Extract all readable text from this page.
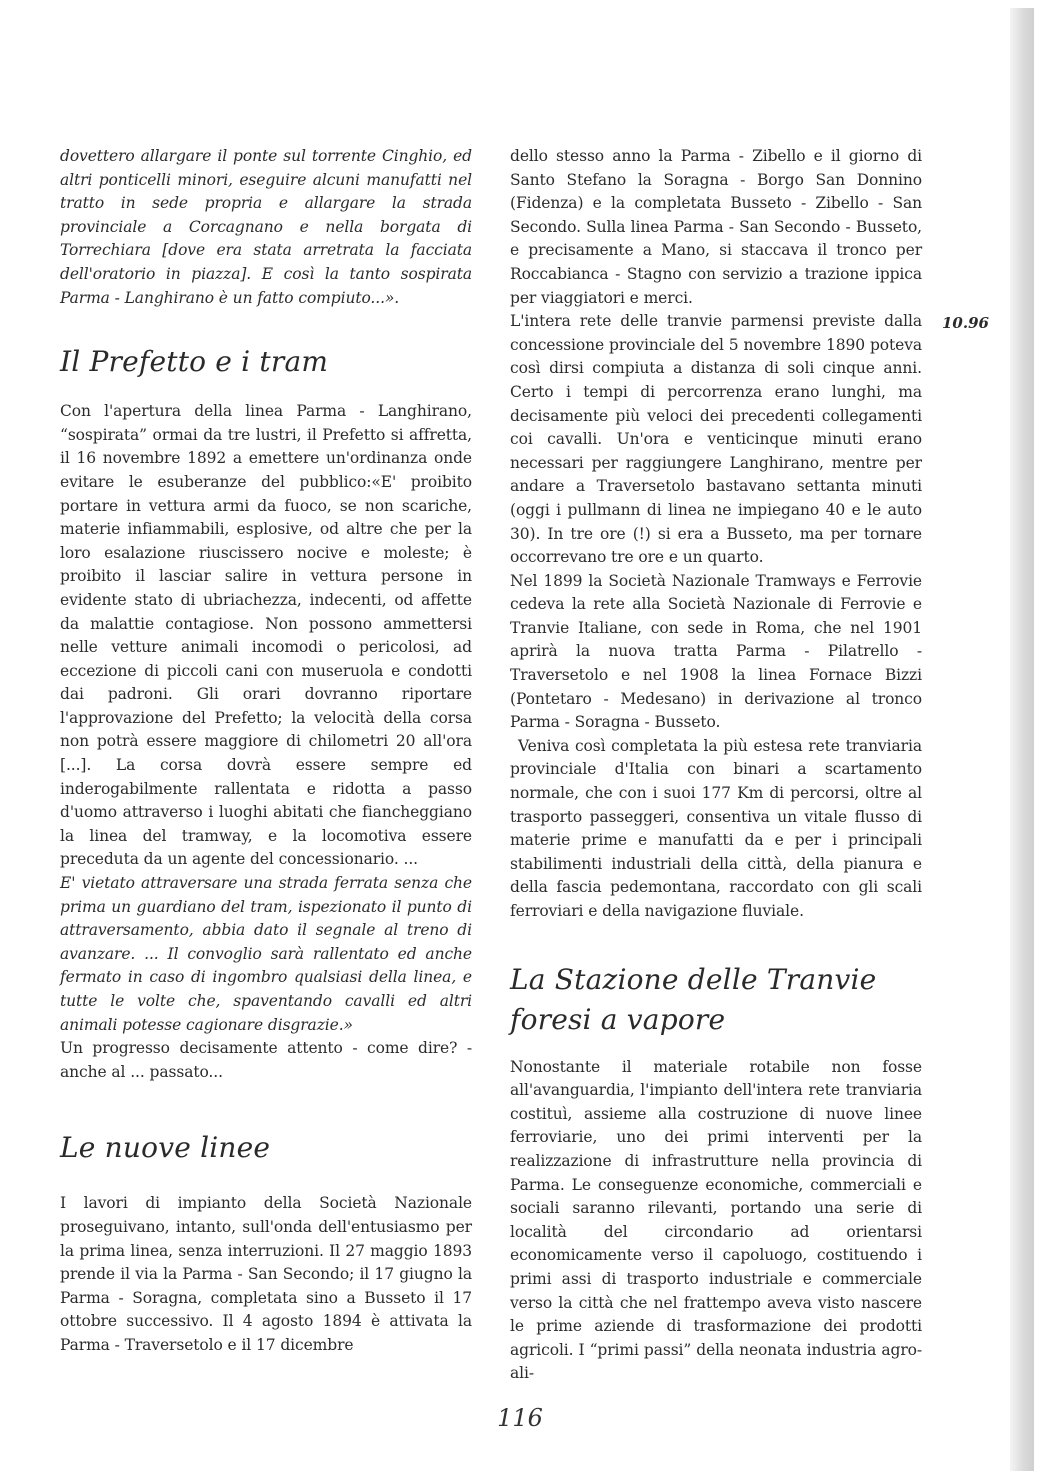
dovettero allargare il ponte sul torrente Cinghio, ed altri ponticelli minori, eseguire alcuni manufatti nel tratto in sede propria e allargare la strada provinciale a Corcagnano e nella borgata di Torrechiara [dove era stata arretrata la facciata dell'oratorio in piazza]. E così la tanto sospirata Parma - Langhirano è un fatto compiuto...».

Il Prefetto e i tram

Con l'apertura della linea Parma - Langhirano, “sospirata” ormai da tre lustri, il Prefetto si affretta, il 16 novembre 1892 a emettere un'ordinanza onde evitare le esuberanze del pubblico:«E' proibito portare in vettura armi da fuoco, se non scariche, materie infiammabili, esplosive, od altre che per la loro esalazione riuscissero nocive e moleste; è proibito il lasciar salire in vettura persone in evidente stato di ubriachezza, indecenti, od affette da malattie contagiose. Non possono ammettersi nelle vetture animali incomodi o pericolosi, ad eccezione di piccoli cani con museruola e condotti dai padroni. Gli orari dovranno riportare l'approvazione del Prefetto; la velocità della corsa non potrà essere maggiore di chilometri 20 all'ora [...]. La corsa dovrà essere sempre ed inderogabilmente rallentata e ridotta a passo d'uomo attraverso i luoghi abitati che fiancheggiano la linea del tramway, e la locomotiva essere preceduta da un agente del concessionario. ...

E' vietato attraversare una strada ferrata senza che prima un guardiano del tram, ispezionato il punto di attraversamento, abbia dato il segnale al treno di avanzare. ... Il convoglio sarà rallentato ed anche fermato in caso di ingombro qualsiasi della linea, e tutte le volte che, spaventando cavalli ed altri animali potesse cagionare disgrazie.»

Un progresso decisamente attento - come dire? - anche al ... passato...

Le nuove linee

I lavori di impianto della Società Nazionale proseguivano, intanto, sull'onda dell'entusiasmo per la prima linea, senza interruzioni. Il 27 maggio 1893 prende il via la Parma - San Secondo; il 17 giugno la Parma - Soragna, completata sino a Busseto il 17 ottobre successivo. Il 4 agosto 1894 è attivata la Parma - Traversetolo e il 17 dicembre

dello stesso anno la Parma - Zibello e il giorno di Santo Stefano la Soragna - Borgo San Donnino (Fidenza) e la completata Busseto - Zibello - San Secondo. Sulla linea Parma - San Secondo - Busseto, e precisamente a Mano, si staccava il tronco per Roccabianca - Stagno con servizio a trazione ippica per viaggiatori e merci.

L'intera rete delle tranvie parmensi previste dalla concessione provinciale del 5 novembre 1890 poteva così dirsi compiuta a distanza di soli cinque anni. Certo i tempi di percorrenza erano lunghi, ma decisamente più veloci dei precedenti collegamenti coi cavalli. Un'ora e venticinque minuti erano necessari per raggiungere Langhirano, mentre per andare a Traversetolo bastavano settanta minuti (oggi i pullmann di linea ne impiegano 40 e le auto 30). In tre ore (!) si era a Busseto, ma per tornare occorrevano tre ore e un quarto.

Nel 1899 la Società Nazionale Tramways e Ferrovie cedeva la rete alla Società Nazionale di Ferrovie e Tranvie Italiane, con sede in Roma, che nel 1901 aprirà la nuova tratta Parma - Pilatrello - Traversetolo e nel 1908 la linea Fornace Bizzi (Pontetaro - Medesano) in derivazione al tronco Parma - Soragna - Busseto.

Veniva così completata la più estesa rete tranviaria provinciale d'Italia con binari a scartamento normale, che con i suoi 177 Km di percorsi, oltre al trasporto passeggeri, consentiva un vitale flusso di materie prime e manufatti da e per i principali stabilimenti industriali della città, della pianura e della fascia pedemontana, raccordato con gli scali ferroviari e della navigazione fluviale.

La Stazione delle Tranvie foresi a vapore

Nonostante il materiale rotabile non fosse all'avanguardia, l'impianto dell'intera rete tranviaria costituì, assieme alla costruzione di nuove linee ferroviarie, uno dei primi interventi per la realizzazione di infrastrutture nella provincia di Parma. Le conseguenze economiche, commerciali e sociali saranno rilevanti, portando una serie di località del circondario ad orientarsi economicamente verso il capoluogo, costituendo i primi assi di trasporto industriale e commerciale verso la città che nel frattempo aveva visto nascere le prime aziende di trasformazione dei prodotti agricoli. I “primi passi” della neonata industria agro-ali-

10.96
116
